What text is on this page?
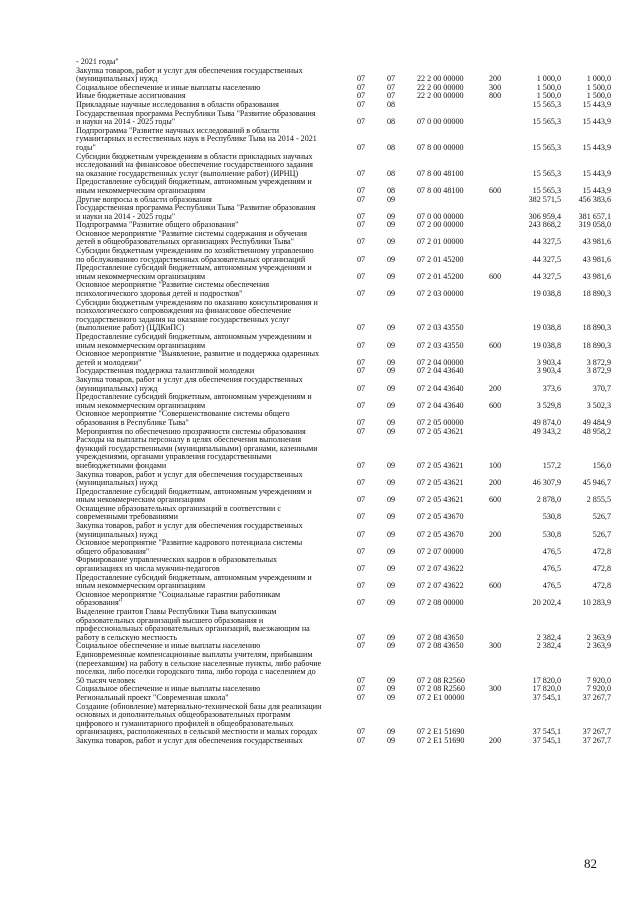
- 2021 годы"
Закупка товаров, работ и услуг для обеспечения государственных
(муниципальных) нужд	07	07	22 2 00 00000	200	1 000,0	1 000,0
Социальное обеспечение и иные выплаты населению	07	07	22 2 00 00000	300	1 500,0	1 500,0
Иные бюджетные ассигнования	07	07	22 2 00 00000	800	1 500,0	1 500,0
Прикладные научные исследования в области образования	07	08	15 565,3	15 443,9
Государственная программа Республики Тыва "Развитие образования
и науки на 2014 - 2025 годы"	07	08	07 0 00 00000	15 565,3	15 443,9
Подпрограмма "Развитие научных исследований в области
гуманитарных и естественных наук в Республике Тыва на 2014 - 2021
годы"	07	08	07 8 00 00000	15 565,3	15 443,9
Субсидии бюджетным учреждениям в области прикладных научных
исследований на финансовое обеспечение государственного задания
на оказание государственных услуг (выполнение работ) (ИРНЦ)	07	08	07 8 00 48100	15 565,3	15 443,9
Предоставление субсидий бюджетным, автономным учреждениям и
иным некоммерческим организациям	07	08	07 8 00 48100	600	15 565,3	15 443,9
Другие вопросы в области образования	07	09	382 571,5	456 383,6
Государственная программа Республики Тыва "Развитие образования
и науки на 2014 - 2025 годы"	07	09	07 0 00 00000	306 959,4	381 657,1
Подпрограмма "Развитие общего образования"	07	09	07 2 00 00000	243 868,2	319 058,0
Основное мероприятие "Развитие системы содержания и обучения
детей в общеобразовательных организациях Республики Тыва"	07	09	07 2 01 00000	44 327,5	43 981,6
Субсидии бюджетным учреждениям по хозяйственному управлению
по обслуживанию государственных образовательных организаций	07	09	07 2 01 45200	44 327,5	43 981,6
Предоставление субсидий бюджетным, автономным учреждениям и
иным некоммерческим организациям	07	09	07 2 01 45200	600	44 327,5	43 981,6
Основное мероприятие "Развитие системы обеспечения
психологического здоровья детей и подростков"	07	09	07 2 03 00000	19 038,8	18 890,3
Субсидии бюджетным учреждениям по оказанию консультирования и
психологического сопровождения на финансовое обеспечение
государственного задания на оказание государственных услуг
(выполнение работ) (ЦДКиПС)	07	09	07 2 03 43550	19 038,8	18 890,3
Предоставление субсидий бюджетным, автономным учреждениям и
иным некоммерческим организациям	07	09	07 2 03 43550	600	19 038,8	18 890,3
Основное мероприятие "Выявление, развитие и поддержка одаренных
детей и молодежи"	07	09	07 2 04 00000	3 903,4	3 872,9
Государственная поддержка талантливой молодежи	07	09	07 2 04 43640	3 903,4	3 872,9
Закупка товаров, работ и услуг для обеспечения государственных
(муниципальных) нужд	07	09	07 2 04 43640	200	373,6	370,7
Предоставление субсидий бюджетным, автономным учреждениям и
иным некоммерческим организациям	07	09	07 2 04 43640	600	3 529,8	3 502,3
Основное мероприятие "Совершенствование системы общего
образования в Республике Тыва"	07	09	07 2 05 00000	49 874,0	49 484,9
Мероприятия по обеспечению прозрачности системы образования	07	09	07 2 05 43621	49 343,2	48 958,2
Расходы на выплаты персоналу в целях обеспечения выполнения
функций государственными (муниципальными) органами, казенными
учреждениями, органами управления государственными
внебюджетными фондами	07	09	07 2 05 43621	100	157,2	156,0
Закупка товаров, работ и услуг для обеспечения государственных
(муниципальных) нужд	07	09	07 2 05 43621	200	46 307,9	45 946,7
Предоставление субсидий бюджетным, автономным учреждениям и
иным некоммерческим организациям	07	09	07 2 05 43621	600	2 878,0	2 855,5
Оснащение образовательных организаций в соответствии с
современными требованиями	07	09	07 2 05 43670	530,8	526,7
Закупка товаров, работ и услуг для обеспечения государственных
(муниципальных) нужд	07	09	07 2 05 43670	200	530,8	526,7
Основное мероприятие "Развитие кадрового потенциала системы
общего образования"	07	09	07 2 07 00000	476,5	472,8
Формирование управленческих кадров в образовательных
организациях из числа мужчин-педагогов	07	09	07 2 07 43622	476,5	472,8
Предоставление субсидий бюджетным, автономным учреждениям и
иным некоммерческим организациям	07	09	07 2 07 43622	600	476,5	472,8
Основное мероприятие "Социальные гарантии работникам
образования"	07	09	07 2 08 00000	20 202,4	10 283,9
Выделение грантов Главы Республики Тыва выпускникам
образовательных организаций высшего образования и
профессиональных образовательных организаций, выезжающим на
работу в сельскую местность	07	09	07 2 08 43650	2 382,4	2 363,9
Социальное обеспечение и иные выплаты населению	07	09	07 2 08 43650	300	2 382,4	2 363,9
Единовременные компенсационные выплаты учителям, прибывшим
(переехавшим) на работу в сельские населенные пункты, либо рабочие
поселки, либо поселки городского типа, либо города с населением до
50 тысяч человек	07	09	07 2 08 R2560	17 820,0	7 920,0
Социальное обеспечение и иные выплаты населению	07	09	07 2 08 R2560	300	17 820,0	7 920,0
Региональный проект "Современная школа"	07	09	07 2 E1 00000	37 545,1	37 267,7
Создание (обновление) материально-технической базы для реализации
основных и дополнительных общеобразовательных программ
цифрового и гуманитарного профилей в общеобразовательных
организациях, расположенных в сельской местности и малых городах	07	09	07 2 E1 51690	37 545,1	37 267,7
Закупка товаров, работ и услуг для обеспечения государственных	07	09	07 2 E1 51690	200	37 545,1	37 267,7
82
